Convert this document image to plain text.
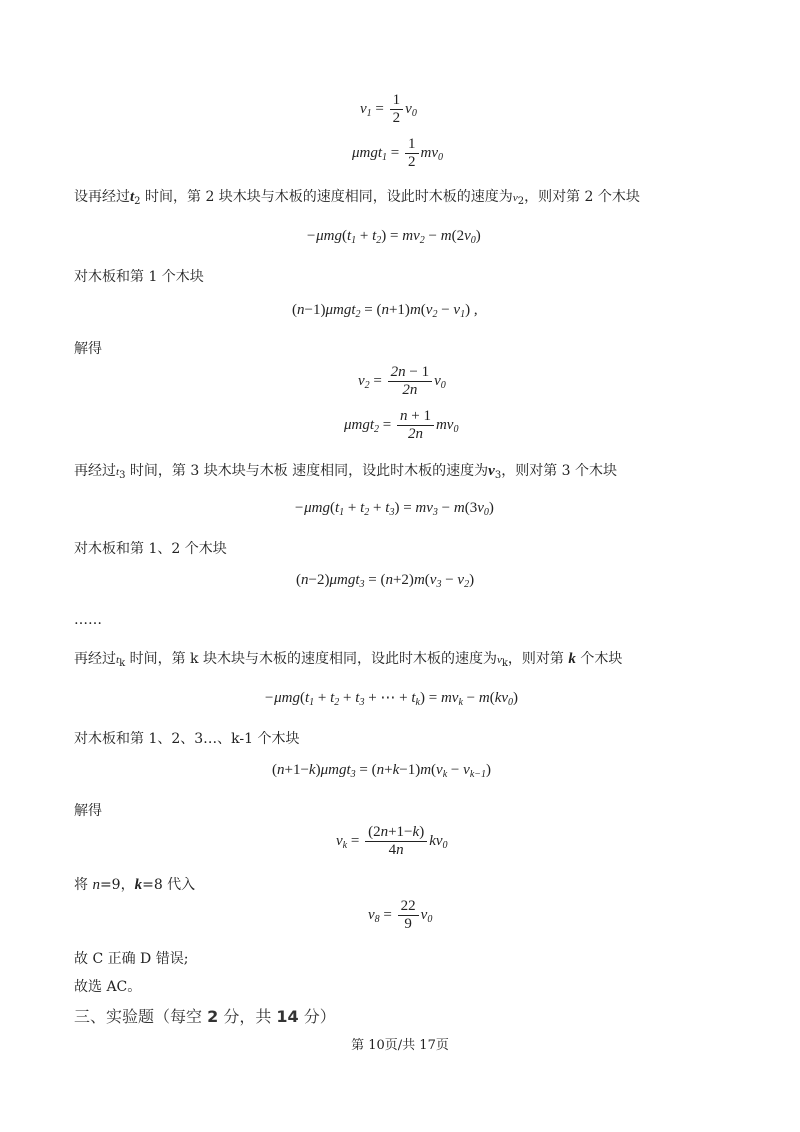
$v_1 = \frac{1}{2} v_0$
$\mu mgt_1 = \frac{1}{2} mv_0$
设再经过$t_2$ 时间，第 2 块木块与木板的速度相同，设此时木板的速度为$v_2$，则对第 2 个木块
$-\mu mg(t_1 + t_2) = mv_2 - m(2v_0)$
对木板和第 1 个木块
$(n-1)\mu mgt_2 = (n+1)m(v_2 - v_1)$ ,
解得
$v_2 = \frac{2n - 1}{2n} v_0$
$\mu mgt_2 = \frac{n + 1}{2n} mv_0$
再经过$t_3$ 时间，第 3 块木块与木板 速度相同，设此时木板的速度为$v_3$，则对第 3 个木块
$-\mu mg(t_1 + t_2 + t_3) = mv_3 - m(3v_0)$
对木板和第 1、2 个木块
$(n-2)\mu mgt_3 = (n+2)m(v_3 - v_2)$
……
再经过$t_k$ 时间，第 k 块木块与木板的速度相同，设此时木板的速度为$v_k$，则对第 k 个木块
$-\mu mg(t_1 + t_2 + t_3$ + ⋯ + $t_k) = mv_k - m(kv_0)$
对木板和第 1、2、3…、k-1 个木块
$(n+1-k)\mu mgt_3 = (n+k-1)m(v_k - v_{k-1})$
解得
$v_k = \frac{(2n+1-k)}{4n} kv_0$
将 n=9，k=8 代入
$v_8 = \frac{22}{9} v_0$
故 C 正确 D 错误;
故选 AC。
三、实验题（每空 2 分，共 14 分）
第 10页/共 17页
